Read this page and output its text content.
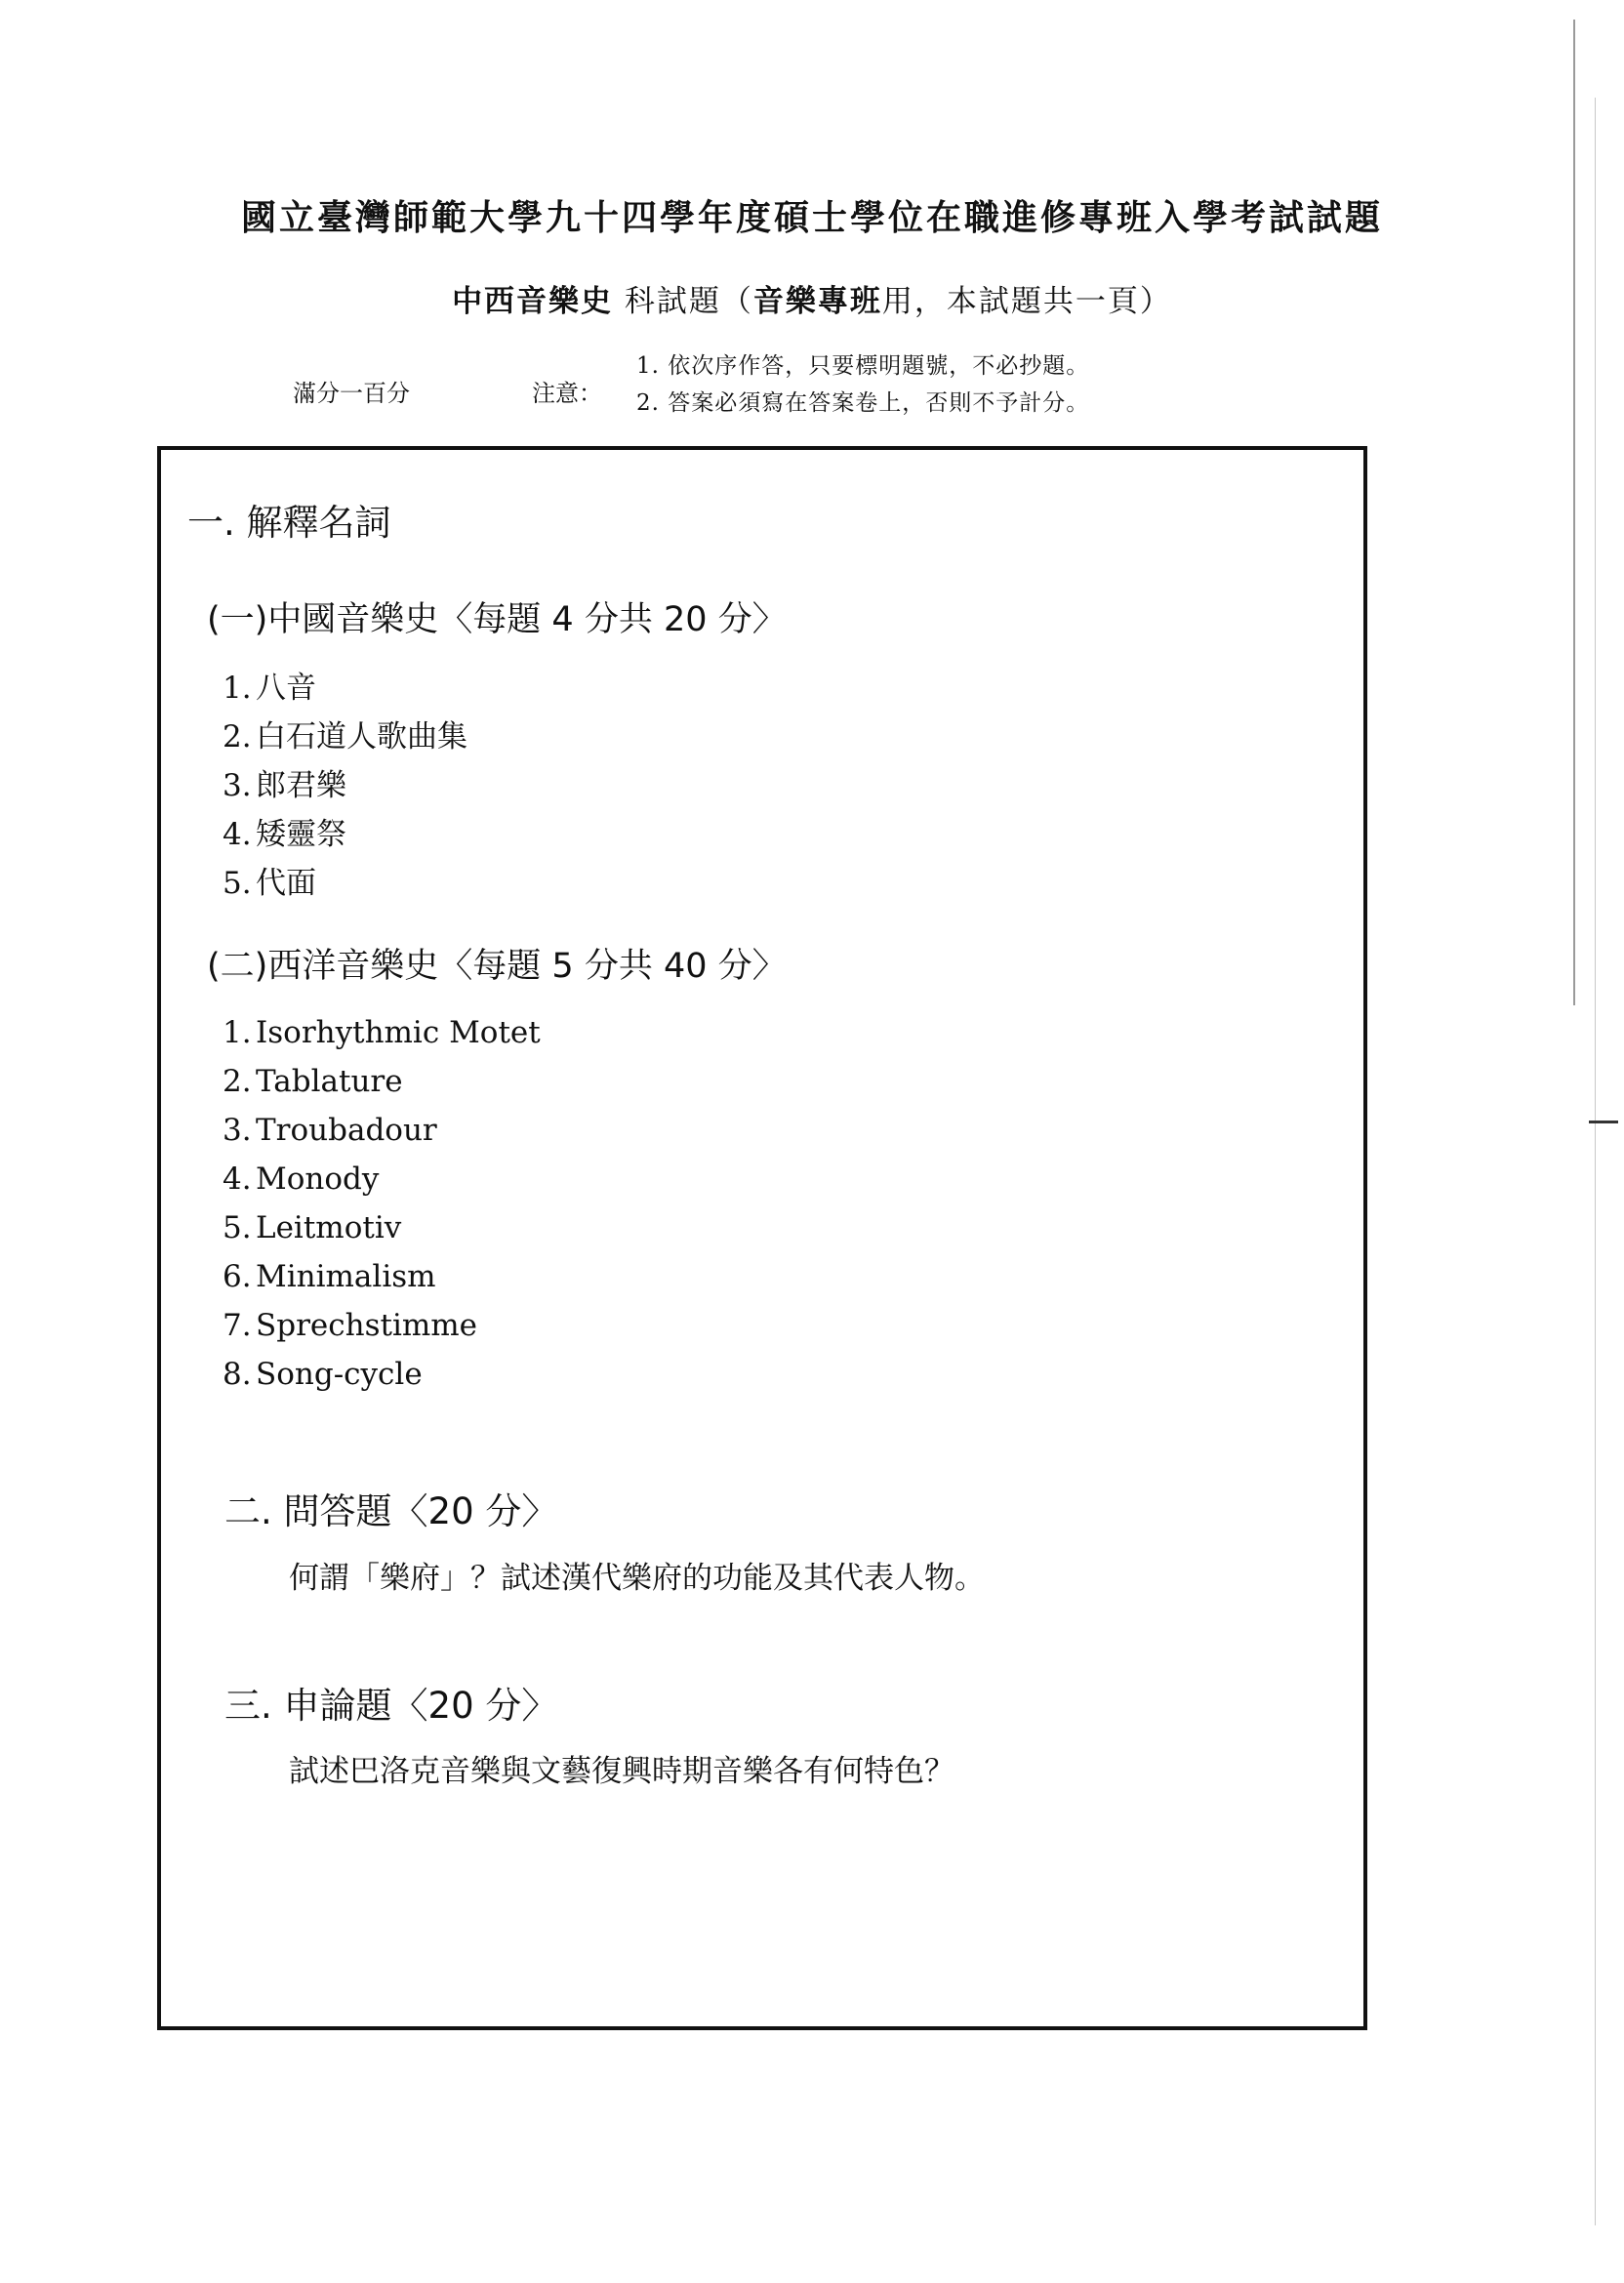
國立臺灣師範大學九十四學年度碩士學位在職進修專班入學考試試題
中西音樂史 科試題（音樂專班用，本試題共一頁）
滿分一百分	注意：
1. 依次序作答，只要標明題號，不必抄題。
2. 答案必須寫在答案卷上，否則不予計分。
一. 解釋名詞
(一)中國音樂史〈每題 4 分共 20 分〉
1. 八音
2. 白石道人歌曲集
3. 郎君樂
4. 矮靈祭
5. 代面
(二)西洋音樂史〈每題 5 分共 40 分〉
1. Isorhythmic Motet
2. Tablature
3. Troubadour
4. Monody
5. Leitmotiv
6. Minimalism
7. Sprechstimme
8. Song-cycle
二. 問答題〈20 分〉
何謂「樂府」？試述漢代樂府的功能及其代表人物。
三. 申論題〈20 分〉
試述巴洛克音樂與文藝復興時期音樂各有何特色？
